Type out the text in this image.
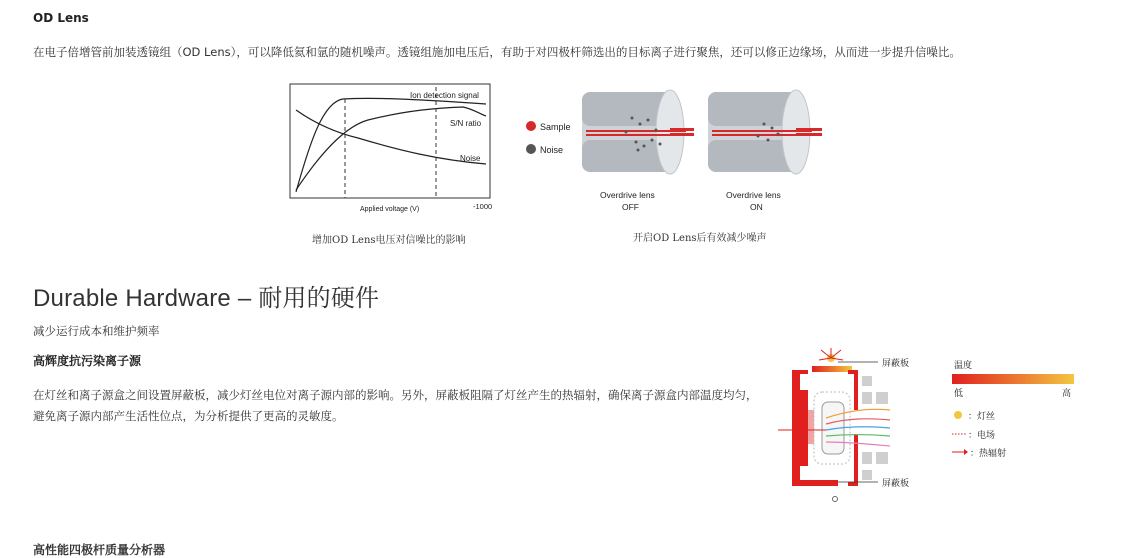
OD Lens
在电子倍增管前加装透镜组（OD Lens），可以降低氦和氩的随机噪声。透镜组施加电压后，有助于对四极杆筛选出的目标离子进行聚焦，还可以修正边缘场，从而进一步提升信噪比。
Ion detection signal
S/N ratio
Noise
Applied voltage (V)	-1000
增加OD Lens电压对信噪比的影响
Sample
Noise
Overdrive lens
OFF
Overdrive lens
ON
开启OD Lens后有效减少噪声
Durable Hardware – 耐用的硬件
减少运行成本和维护频率
高辉度抗污染离子源
在灯丝和离子源盒之间设置屏蔽板，减少灯丝电位对离子源内部的影响。另外，屏蔽板阻隔了灯丝产生的热辐射，确保离子源盒内部温度均匀，避免离子源内部产生活性位点，为分析提供了更高的灵敏度。
屏蔽板
屏蔽板
温度
低	高
：灯丝
：电场
：热辐射
高性能四极杆质量分析器
